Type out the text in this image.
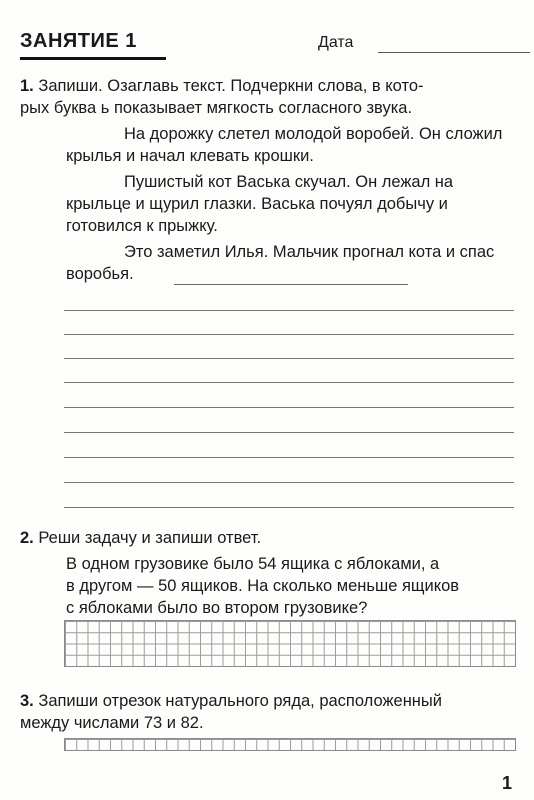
ЗАНЯТИЕ 1	Дата

1. Запиши. Озаглавь текст. Подчеркни слова, в кото-

рых буква ь показывает мягкость согласного звука.

На дорожку слетел молодой воробей. Он сложил крылья и начал клевать крошки.

Пушистый кот Васька скучал. Он лежал на крыльце и щурил глазки. Васька почуял добычу и готовился к прыжку.

Это заметил Илья. Мальчик прогнал кота и спас воробья.

2. Реши задачу и запиши ответ.

В одном грузовике было 54 ящика с яблоками, а

в другом — 50 ящиков. На сколько меньше ящиков

с яблоками было во втором грузовике?

3. Запиши отрезок натурального ряда, расположенный

между числами 73 и 82.

1
